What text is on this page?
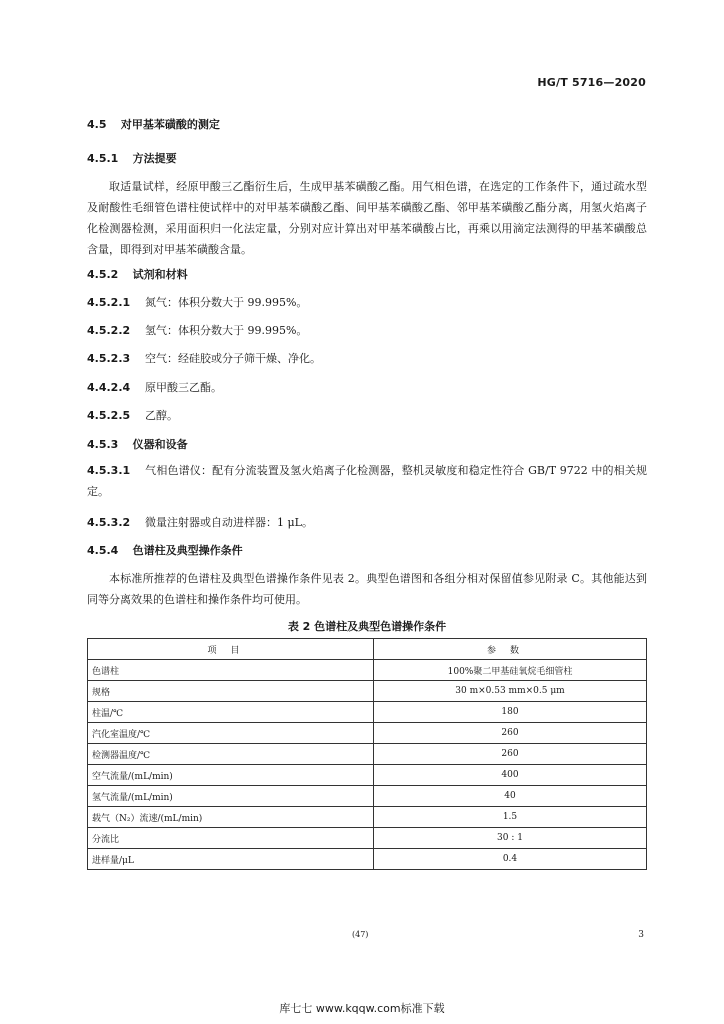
HG/T 5716—2020
4.5 对甲基苯磺酸的测定
4.5.1 方法提要
取适量试样，经原甲酸三乙酯衍生后，生成甲基苯磺酸乙酯。用气相色谱，在选定的工作条件下，通过疏水型及耐酸性毛细管色谱柱使试样中的对甲基苯磺酸乙酯、间甲基苯磺酸乙酯、邻甲基苯磺酸乙酯分离，用氢火焰离子化检测器检测，采用面积归一化法定量，分别对应计算出对甲基苯磺酸占比，再乘以用滴定法测得的甲基苯磺酸总含量，即得到对甲基苯磺酸含量。
4.5.2 试剂和材料
4.5.2.1 氮气：体积分数大于 99.995%。
4.5.2.2 氢气：体积分数大于 99.995%。
4.5.2.3 空气：经硅胶或分子筛干燥、净化。
4.4.2.4 原甲酸三乙酯。
4.5.2.5 乙醇。
4.5.3 仪器和设备
4.5.3.1 气相色谱仪：配有分流装置及氢火焰离子化检测器，整机灵敏度和稳定性符合 GB/T 9722 中的相关规定。
4.5.3.2 微量注射器或自动进样器：1 μL。
4.5.4 色谱柱及典型操作条件
本标准所推荐的色谱柱及典型色谱操作条件见表 2。典型色谱图和各组分相对保留值参见附录 C。其他能达到同等分离效果的色谱柱和操作条件均可使用。
表 2 色谱柱及典型色谱操作条件
项目	参数
色谱柱	100%聚二甲基硅氧烷毛细管柱
规格	30 m×0.53 mm×0.5 μm
柱温/℃	180
汽化室温度/℃	260
检测器温度/℃	260
空气流量/(mL/min)	400
氢气流量/(mL/min)	40
载气（N₂）流速/(mL/min)	1.5
分流比	30 : 1
进样量/μL	0.4
(47)	3
库七七 www.kqqw.com标准下载
